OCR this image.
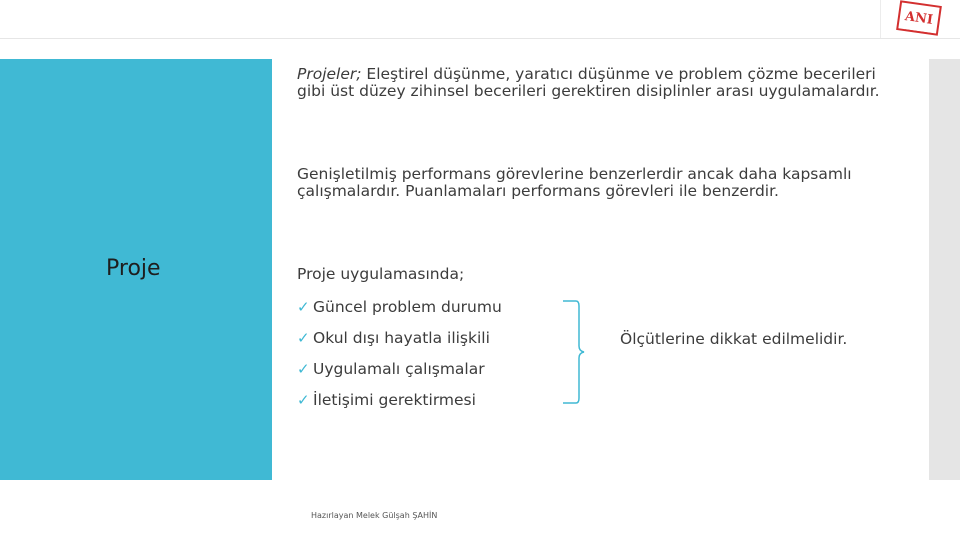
ANI
Proje
Projeler; Eleştirel düşünme, yaratıcı düşünme ve problem çözme becerileri gibi üst düzey zihinsel becerileri gerektiren disiplinler arası uygulamalardır.
Genişletilmiş performans görevlerine benzerlerdir ancak daha kapsamlı çalışmalardır. Puanlamaları performans görevleri ile benzerdir.
Proje uygulamasında;
✓ Güncel problem durumu
✓ Okul dışı hayatla ilişkili
✓ Uygulamalı çalışmalar
✓ İletişimi gerektirmesi
Ölçütlerine dikkat edilmelidir.
Hazırlayan Melek Gülşah ŞAHİN
